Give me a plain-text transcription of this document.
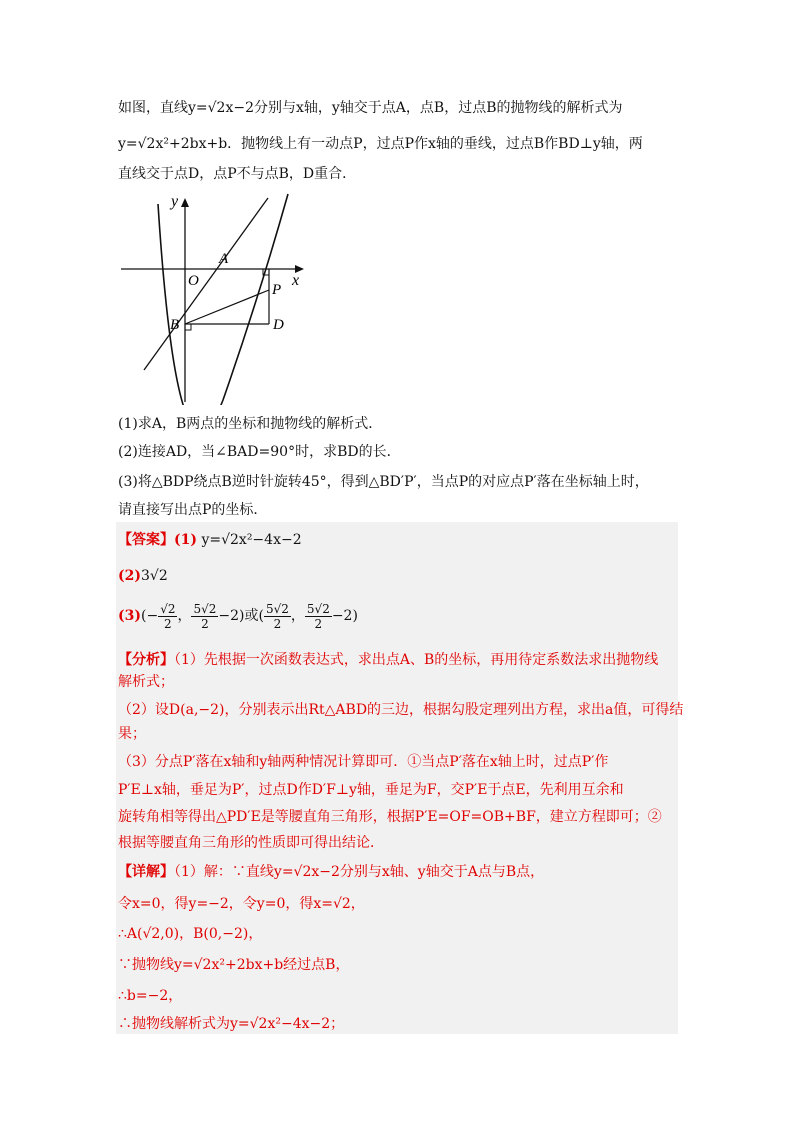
如图，直线y=√2x−2分别与x轴，y轴交于点A，点B，过点B的抛物线的解析式为
y=√2x²+2bx+b．抛物线上有一动点P，过点P作x轴的垂线，过点B作BD⊥y轴，两
直线交于点D，点P不与点B，D重合．
y
x
O
A
P
B	D
(1)求A，B两点的坐标和抛物线的解析式．
(2)连接AD，当∠BAD=90°时，求BD的长．
(3)将△BDP绕点B逆时针旋转45°，得到△BD′P′，当点P的对应点P′落在坐标轴上时，
请直接写出点P的坐标．
【答案】(1) y=√2x²−4x−2
(2)3√2
$(3)(- \frac{√2}{2}$ ， $\frac{5√2}{2} -2$)或( $\frac{5√2}{2}$ ， $\frac{5√2}{2} -2$)
【分析】（1）先根据一次函数表达式，求出点A、B的坐标，再用待定系数法求出抛物线
解析式；
（2）设D(a,−2)，分别表示出Rt△ABD的三边，根据勾股定理列出方程，求出a值，可得结
果；
（3）分点P′落在x轴和y轴两种情况计算即可．①当点P′落在x轴上时，过点P′作
P′E⊥x轴，垂足为P′，过点D作D′F⊥y轴，垂足为F，交P′E于点E，先利用互余和
旋转角相等得出△PD′E是等腰直角三角形，根据P′E=OF=OB+BF，建立方程即可；②
根据等腰直角三角形的性质即可得出结论．
【详解】（1）解：∵直线y=√2x−2分别与x轴、y轴交于A点与B点，
令x=0，得y=−2，令y=0，得x=√2，
∴A(√2,0)，B(0,−2)，
∵抛物线y=√2x²+2bx+b经过点B，
∴b=−2，
∴抛物线解析式为y=√2x²−4x−2；
